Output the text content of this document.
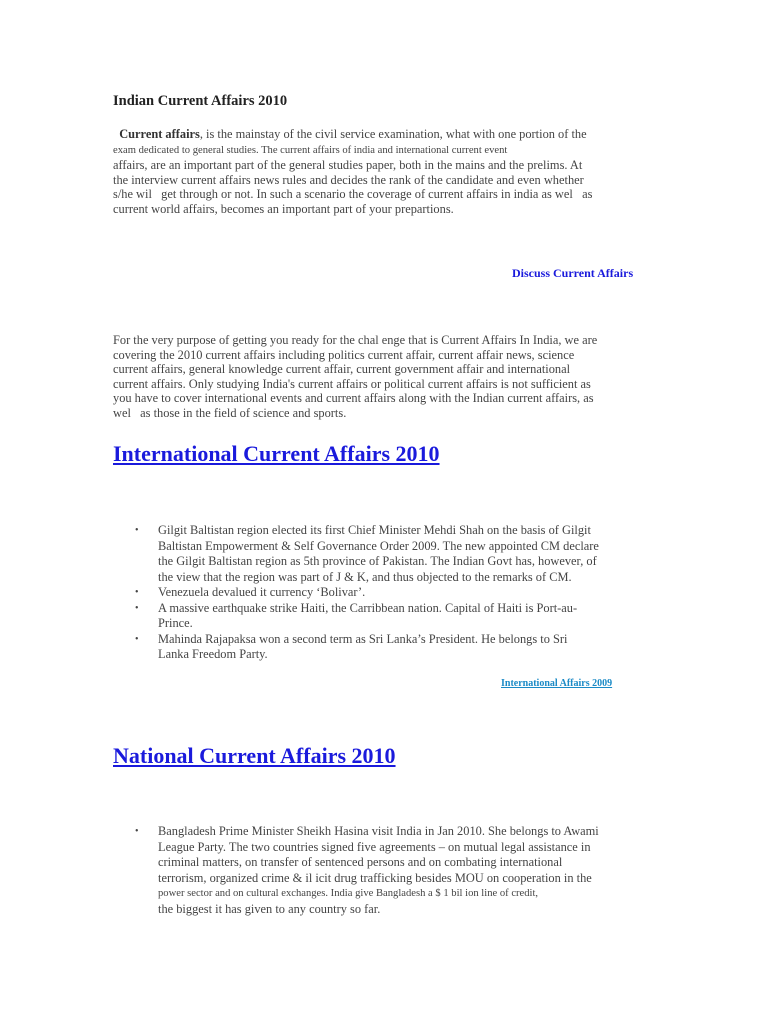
Indian Current Affairs 2010

Current affairs, is the mainstay of the civil service examination, what with one portion of the
exam dedicated to general studies. The current affairs of india and international current event
affairs, are an important part of the general studies paper, both in the mains and the prelims. At
the interview current affairs news rules and decides the rank of the candidate and even whether
s/he wil   get through or not. In such a scenario the coverage of current affairs in india as wel   as
current world affairs, becomes an important part of your prepartions.

Discuss Current Affairs

For the very purpose of getting you ready for the chal enge that is Current Affairs In India, we are
covering the 2010 current affairs including politics current affair, current affair news, science
current affairs, general knowledge current affair, current government affair and international
current affairs. Only studying India's current affairs or political current affairs is not sufficient as
you have to cover international events and current affairs along with the Indian current affairs, as
wel   as those in the field of science and sports.

International Current Affairs 2010
• Gilgit Baltistan region elected its first Chief Minister Mehdi Shah on the basis of Gilgit
Baltistan Empowerment & Self Governance Order 2009. The new appointed CM declare
the Gilgit Baltistan region as 5th province of Pakistan. The Indian Govt has, however, of
the view that the region was part of J & K, and thus objected to the remarks of CM.
• Venezuela devalued it currency ‘Bolivar’.
• A massive earthquake strike Haiti, the Carribbean nation. Capital of Haiti is Port-au-
Prince.
• Mahinda Rajapaksa won a second term as Sri Lanka’s President. He belongs to Sri
Lanka Freedom Party.
International Affairs 2009
National Current Affairs 2010
• Bangladesh Prime Minister Sheikh Hasina visit India in Jan 2010. She belongs to Awami
League Party. The two countries signed five agreements – on mutual legal assistance in
criminal matters, on transfer of sentenced persons and on combating international
terrorism, organized crime & il icit drug trafficking besides MOU on cooperation in the
power sector and on cultural exchanges. India give Bangladesh a $ 1 bil ion line of credit,
the biggest it has given to any country so far.
